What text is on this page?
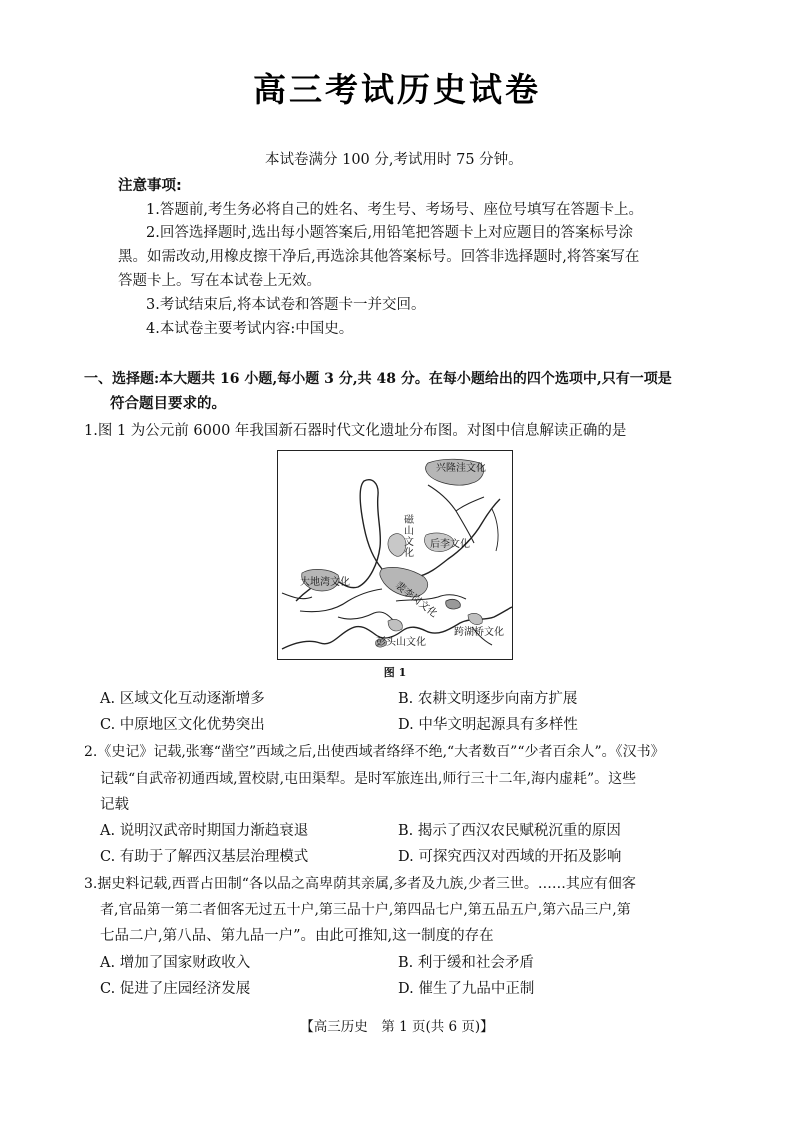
高三考试历史试卷
本试卷满分 100 分,考试用时 75 分钟。
注意事项:
1.答题前,考生务必将自己的姓名、考生号、考场号、座位号填写在答题卡上。
2.回答选择题时,选出每小题答案后,用铅笔把答题卡上对应题目的答案标号涂
黑。如需改动,用橡皮擦干净后,再选涂其他答案标号。回答非选择题时,将答案写在
答题卡上。写在本试卷上无效。
3.考试结束后,将本试卷和答题卡一并交回。
4.本试卷主要考试内容:中国史。
一、选择题:本大题共 16 小题,每小题 3 分,共 48 分。在每小题给出的四个选项中,只有一项是
符合题目要求的。
1.图 1 为公元前 6000 年我国新石器时代文化遗址分布图。对图中信息解读正确的是
兴隆洼文化
磁山文化
后李文化
大地湾文化	裴李岗文化
彭头山文化
跨湖桥文化
图 1
A. 区域文化互动逐渐增多	B. 农耕文明逐步向南方扩展
C. 中原地区文化优势突出	D. 中华文明起源具有多样性
2.《史记》记载,张骞“凿空”西域之后,出使西域者络绎不绝,“大者数百”“少者百余人”。《汉书》
记载“自武帝初通西域,置校尉,屯田渠犁。是时军旅连出,师行三十二年,海内虚耗”。这些
记载
A. 说明汉武帝时期国力渐趋衰退	B. 揭示了西汉农民赋税沉重的原因
C. 有助于了解西汉基层治理模式	D. 可探究西汉对西域的开拓及影响
3.据史料记载,西晋占田制“各以品之高卑荫其亲属,多者及九族,少者三世。……其应有佃客
者,官品第一第二者佃客无过五十户,第三品十户,第四品七户,第五品五户,第六品三户,第
七品二户,第八品、第九品一户”。由此可推知,这一制度的存在
A. 增加了国家财政收入	B. 利于缓和社会矛盾
C. 促进了庄园经济发展	D. 催生了九品中正制
【高三历史　第 1 页(共 6 页)】
